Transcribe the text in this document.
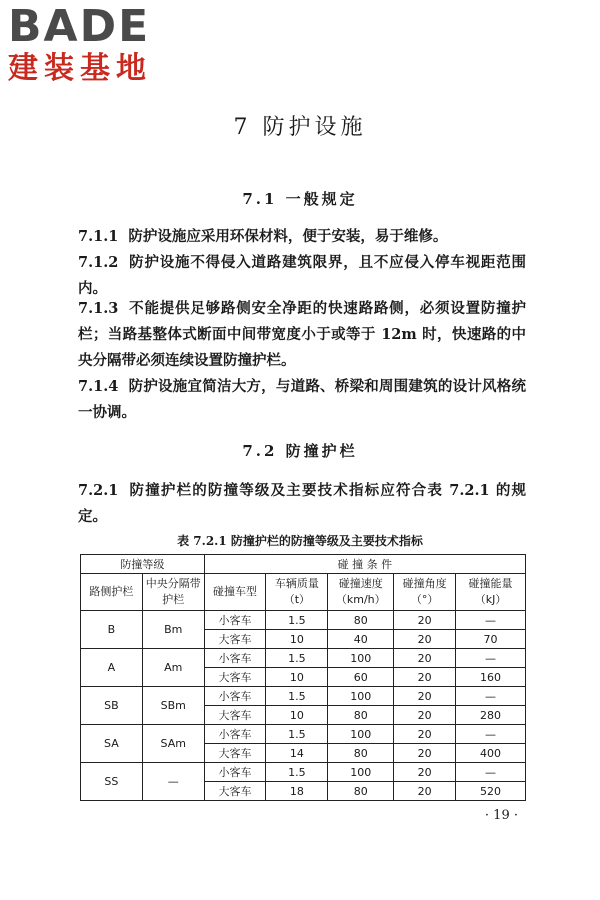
BADE
建装基地
7 防护设施
7.1 一般规定
7.1.1 防护设施应采用环保材料，便于安装，易于维修。
7.1.2 防护设施不得侵入道路建筑限界，且不应侵入停车视距范围内。
7.1.3 不能提供足够路侧安全净距的快速路路侧，必须设置防撞护栏；当路基整体式断面中间带宽度小于或等于 12m 时，快速路的中央分隔带必须连续设置防撞护栏。
7.1.4 防护设施宜简洁大方，与道路、桥梁和周围建筑的设计风格统一协调。
7.2 防撞护栏
7.2.1 防撞护栏的防撞等级及主要技术指标应符合表 7.2.1 的规定。
表 7.2.1 防撞护栏的防撞等级及主要技术指标
防撞等级		碰 撞 条 件				
路侧护栏	中央分隔带护栏	碰撞车型	车辆质量（t）	碰撞速度（km/h）	碰撞角度（°）	碰撞能量（kJ）
B	Bm	小客车	1.5	80	20	—
		大客车	10	40	20	70
A	Am	小客车	1.5	100	20	—
		大客车	10	60	20	160
SB	SBm	小客车	1.5	100	20	—
		大客车	10	80	20	280
SA	SAm	小客车	1.5	100	20	—
		大客车	14	80	20	400
SS	—	小客车	1.5	100	20	—
		大客车	18	80	20	520
· 19 ·
